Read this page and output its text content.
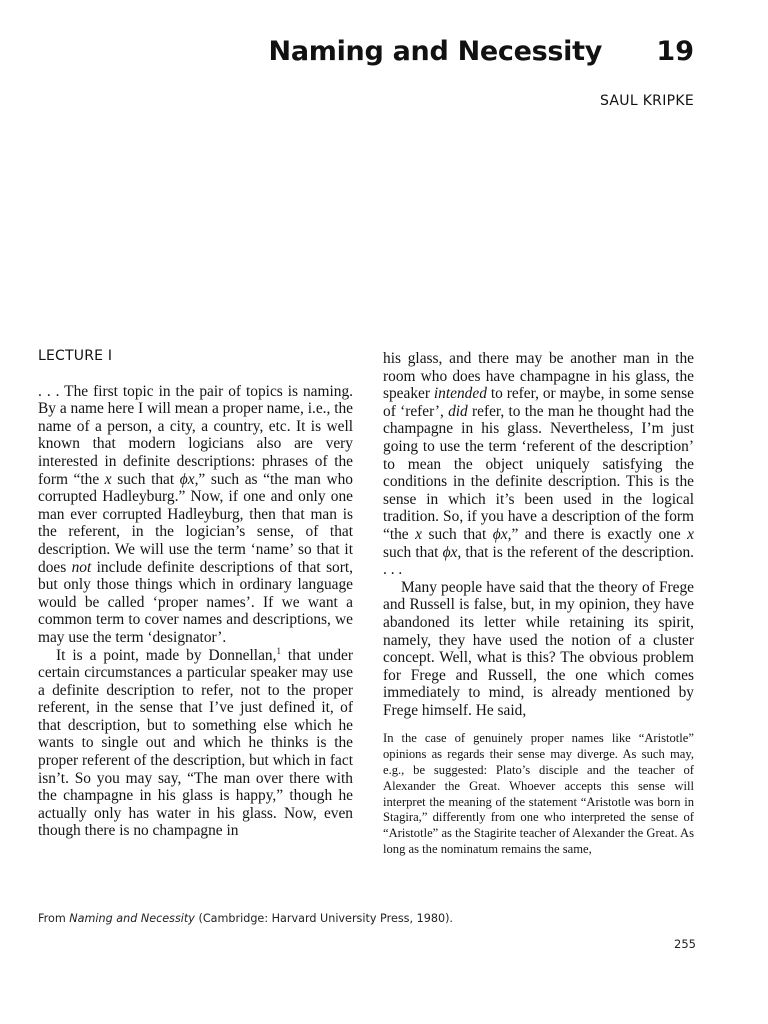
Naming and Necessity 19
SAUL KRIPKE
LECTURE I

. . . The first topic in the pair of topics is naming. By a name here I will mean a proper name, i.e., the name of a person, a city, a country, etc. It is well known that modern logicians also are very interested in definite descriptions: phrases of the form “the x such that ϕx,” such as “the man who corrupted Hadleyburg.” Now, if one and only one man ever corrupted Hadleyburg, then that man is the referent, in the logician’s sense, of that description. We will use the term ‘name’ so that it does not include definite descriptions of that sort, but only those things which in ordinary language would be called ‘proper names’. If we want a common term to cover names and descriptions, we may use the term ‘designator’.

It is a point, made by Donnellan,$^1$ that under certain circumstances a particular speaker may use a definite description to refer, not to the proper referent, in the sense that I’ve just defined it, of that description, but to something else which he wants to single out and which he thinks is the proper referent of the description, but which in fact isn’t. So you may say, “The man over there with the champagne in his glass is happy,” though he actually only has water in his glass. Now, even though there is no champagne in

his glass, and there may be another man in the room who does have champagne in his glass, the speaker intended to refer, or maybe, in some sense of ‘refer’, did refer, to the man he thought had the champagne in his glass. Nevertheless, I’m just going to use the term ‘referent of the description’ to mean the object uniquely satisfying the conditions in the definite description. This is the sense in which it’s been used in the logical tradition. So, if you have a description of the form “the x such that ϕx,” and there is exactly one x such that ϕx, that is the referent of the description. . . .

Many people have said that the theory of Frege and Russell is false, but, in my opinion, they have abandoned its letter while retaining its spirit, namely, they have used the notion of a cluster concept. Well, what is this? The obvious problem for Frege and Russell, the one which comes immediately to mind, is already mentioned by Frege himself. He said,

In the case of genuinely proper names like “Aristotle” opinions as regards their sense may diverge. As such may, e.g., be suggested: Plato’s disciple and the teacher of Alexander the Great. Whoever accepts this sense will interpret the meaning of the statement “Aristotle was born in Stagira,” differently from one who interpreted the sense of “Aristotle” as the Stagirite teacher of Alexander the Great. As long as the nominatum remains the same,

From Naming and Necessity (Cambridge: Harvard University Press, 1980).
255
